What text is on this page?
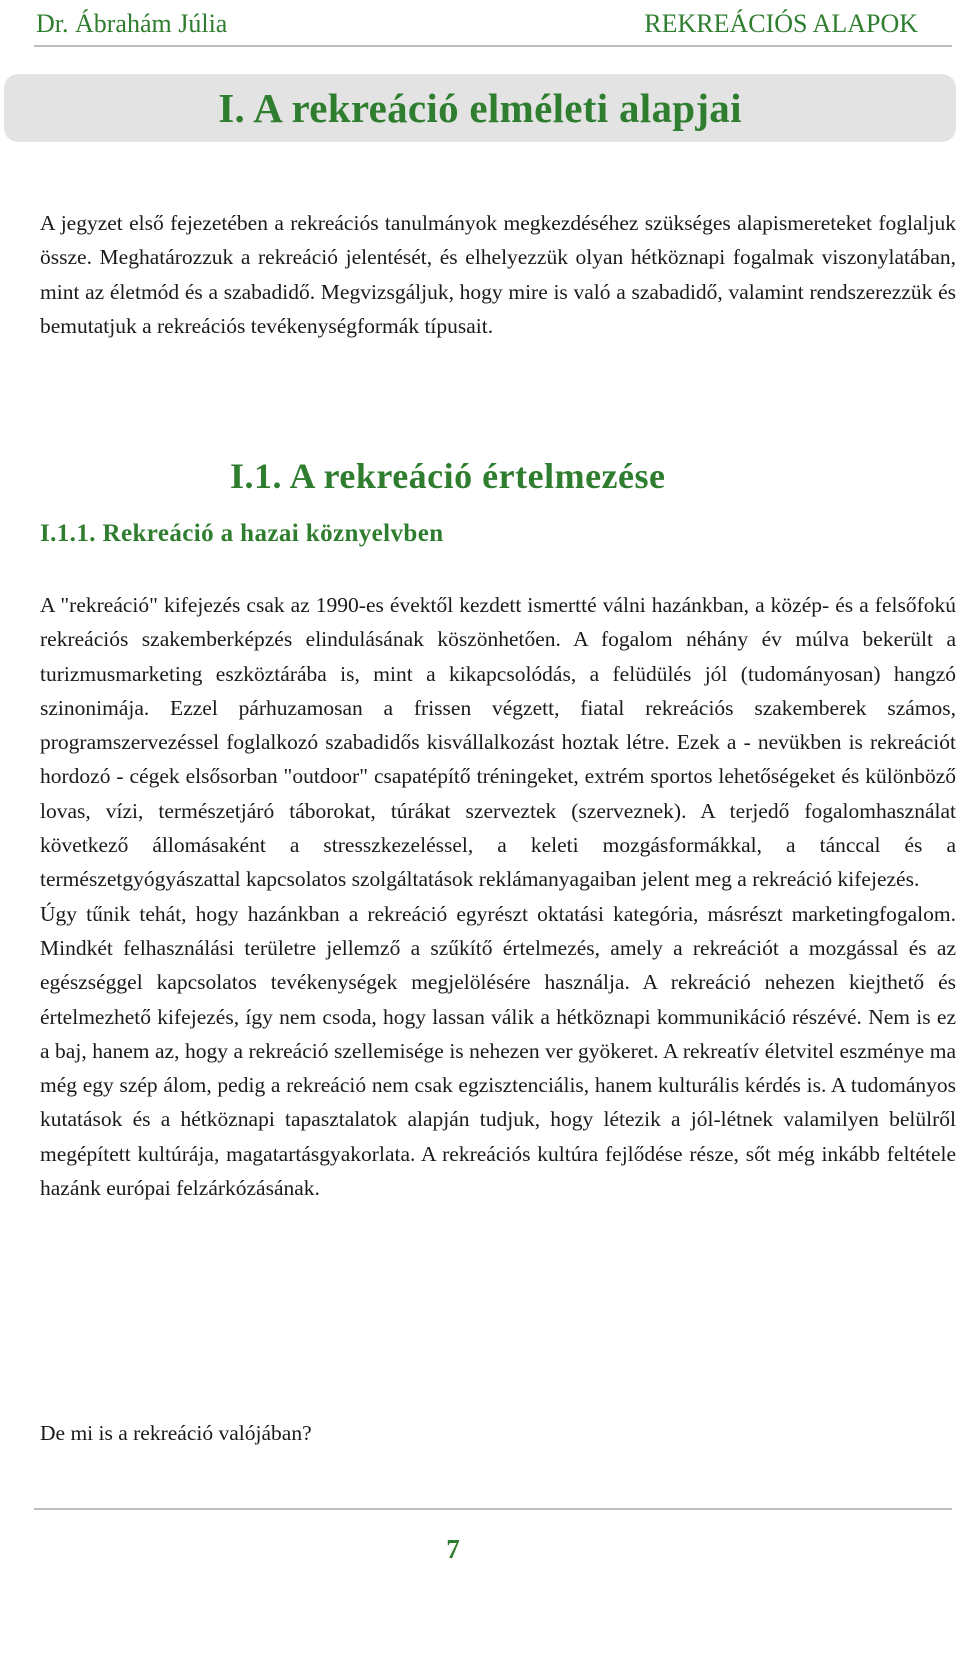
Dr. Ábrahám Júlia	REKREÁCIÓS ALAPOK
I. A rekreáció elméleti alapjai

A jegyzet első fejezetében a rekreációs tanulmányok megkezdéséhez szükséges alapismereteket foglaljuk össze. Meghatározzuk a rekreáció jelentését, és elhelyezzük olyan hétköznapi fogalmak viszonylatában, mint az életmód és a szabadidő. Megvizsgáljuk, hogy mire is való a szabadidő, valamint rendszerezzük és bemutatjuk a rekreációs tevékenységformák típusait.

I.1. A rekreáció értelmezése
I.1.1. Rekreáció a hazai köznyelvben

A "rekreáció" kifejezés csak az 1990-es évektől kezdett ismertté válni hazánkban, a közép- és a felsőfokú rekreációs szakemberképzés elindulásának köszönhetően. A fogalom néhány év múlva bekerült a turizmusmarketing eszköztárába is, mint a kikapcsolódás, a felüdülés jól (tudományosan) hangzó szinonimája. Ezzel párhuzamosan a frissen végzett, fiatal rekreációs szakemberek számos, programszervezéssel foglalkozó szabadidős kisvállalkozást hoztak létre. Ezek a - nevükben is rekreációt hordozó - cégek elsősorban "outdoor" csapatépítő tréningeket, extrém sportos lehetőségeket és különböző lovas, vízi, természetjáró táborokat, túrákat szerveztek (szerveznek). A terjedő fogalomhasználat következő állomásaként a stresszkezeléssel, a keleti mozgásformákkal, a tánccal és a természetgyógyászattal kapcsolatos szolgáltatások reklámanyagaiban jelent meg a rekreáció kifejezés.

Úgy tűnik tehát, hogy hazánkban a rekreáció egyrészt oktatási kategória, másrészt marketingfogalom. Mindkét felhasználási területre jellemző a szűkítő értelmezés, amely a rekreációt a mozgással és az egészséggel kapcsolatos tevékenységek megjelölésére használja. A rekreáció nehezen kiejthető és értelmezhető kifejezés, így nem csoda, hogy lassan válik a hétköznapi kommunikáció részévé. Nem is ez a baj, hanem az, hogy a rekreáció szellemisége is nehezen ver gyökeret. A rekreatív életvitel eszménye ma még egy szép álom, pedig a rekreáció nem csak egzisztenciális, hanem kulturális kérdés is. A tudományos kutatások és a hétköznapi tapasztalatok alapján tudjuk, hogy létezik a jól-létnek valamilyen belülről megépített kultúrája, magatartásgyakorlata. A rekreációs kultúra fejlődése része, sőt még inkább feltétele hazánk európai felzárkózásának.

De mi is a rekreáció valójában?

7
